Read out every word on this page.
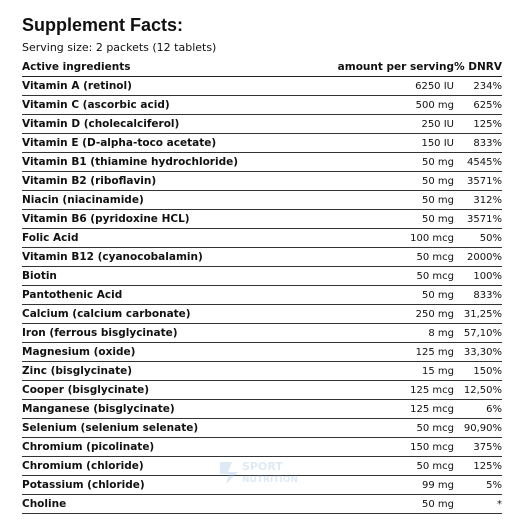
Supplement Facts:
Serving size: 2 packets (12 tablets)
Active ingredients	amount per serving % DNRV
Vitamin A (retinol)	6250 IU	234%
Vitamin C (ascorbic acid)	500 mg	625%
Vitamin D (cholecalciferol)	250 IU	125%
Vitamin E (D-alpha-toco acetate)	150 IU	833%
Vitamin B1 (thiamine hydrochloride)	50 mg	4545%
Vitamin B2 (riboflavin)	50 mg	3571%
Niacin (niacinamide)	50 mg	312%
Vitamin B6 (pyridoxine HCL)	50 mg	3571%
Folic Acid	100 mcg	50%
Vitamin B12 (cyanocobalamin)	50 mcg	2000%
Biotin	50 mcg	100%
Pantothenic Acid	50 mg	833%
Calcium (calcium carbonate)	250 mg 31,25%
Iron (ferrous bisglycinate)	8 mg 57,10%
Magnesium (oxide)	125 mg 33,30%
Zinc (bisglycinate)	15 mg	150%
Cooper (bisglycinate)	125 mcg 12,50%
Manganese (bisglycinate)	125 mcg	6%
Selenium (selenium selenate)	50 mcg 90,90%
Chromium (picolinate)	150 mcg	375%
Chromium (chloride)	50 mcg	125%
Potassium (chloride)	99 mg	5%
Choline	50 mg	*
SPORT
NUTRITION
